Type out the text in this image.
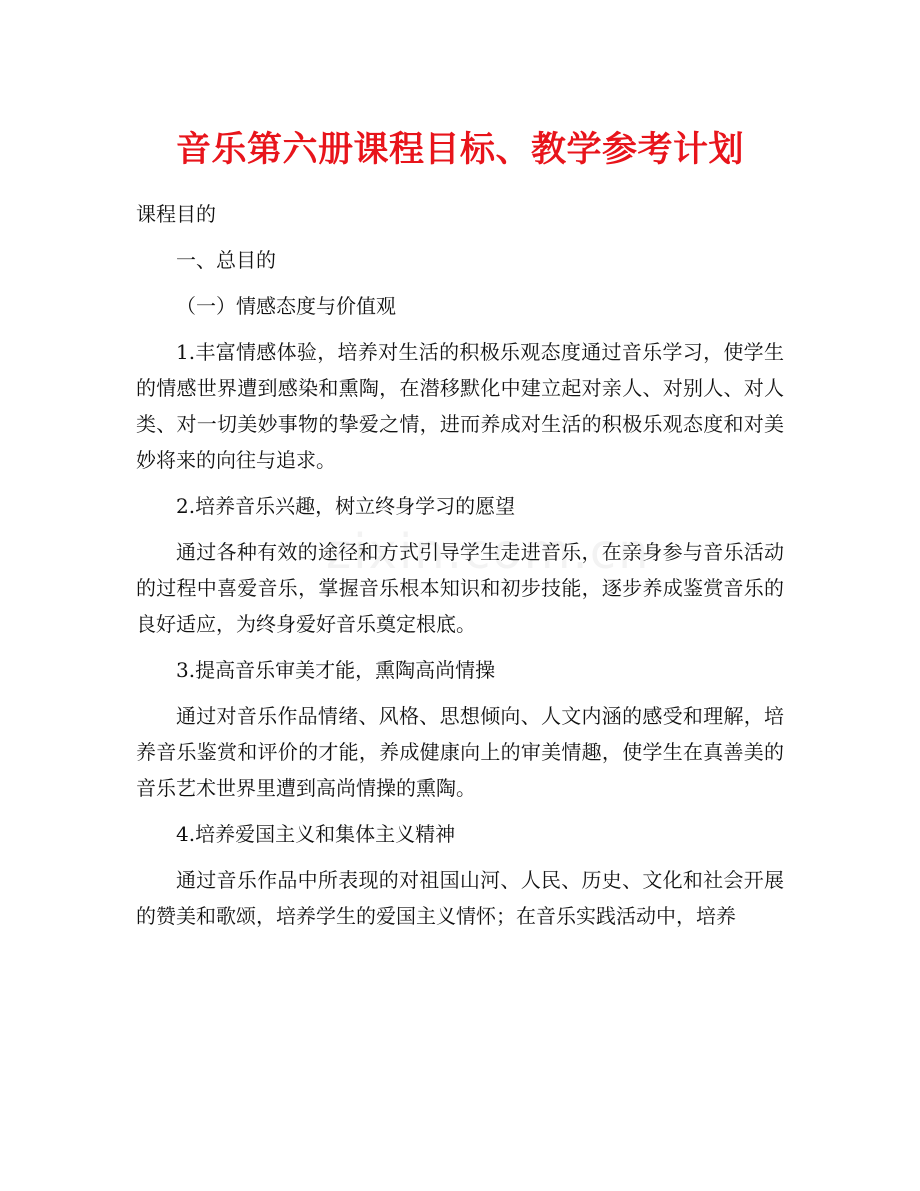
音乐第六册课程目标、教学参考计划

课程目的

一、总目的

（一）情感态度与价值观

1.丰富情感体验，培养对生活的积极乐观态度通过音乐学习，使学生的情感世界遭到感染和熏陶，在潜移默化中建立起对亲人、对别人、对人类、对一切美妙事物的挚爱之情，进而养成对生活的积极乐观态度和对美妙将来的向往与追求。

2.培养音乐兴趣，树立终身学习的愿望

通过各种有效的途径和方式引导学生走进音乐，在亲身参与音乐活动的过程中喜爱音乐，掌握音乐根本知识和初步技能，逐步养成鉴赏音乐的良好适应，为终身爱好音乐奠定根底。

3.提高音乐审美才能，熏陶高尚情操

通过对音乐作品情绪、风格、思想倾向、人文内涵的感受和理解，培养音乐鉴赏和评价的才能，养成健康向上的审美情趣，使学生在真善美的音乐艺术世界里遭到高尚情操的熏陶。

4.培养爱国主义和集体主义精神

通过音乐作品中所表现的对祖国山河、人民、历史、文化和社会开展的赞美和歌颂，培养学生的爱国主义情怀；在音乐实践活动中，培养
